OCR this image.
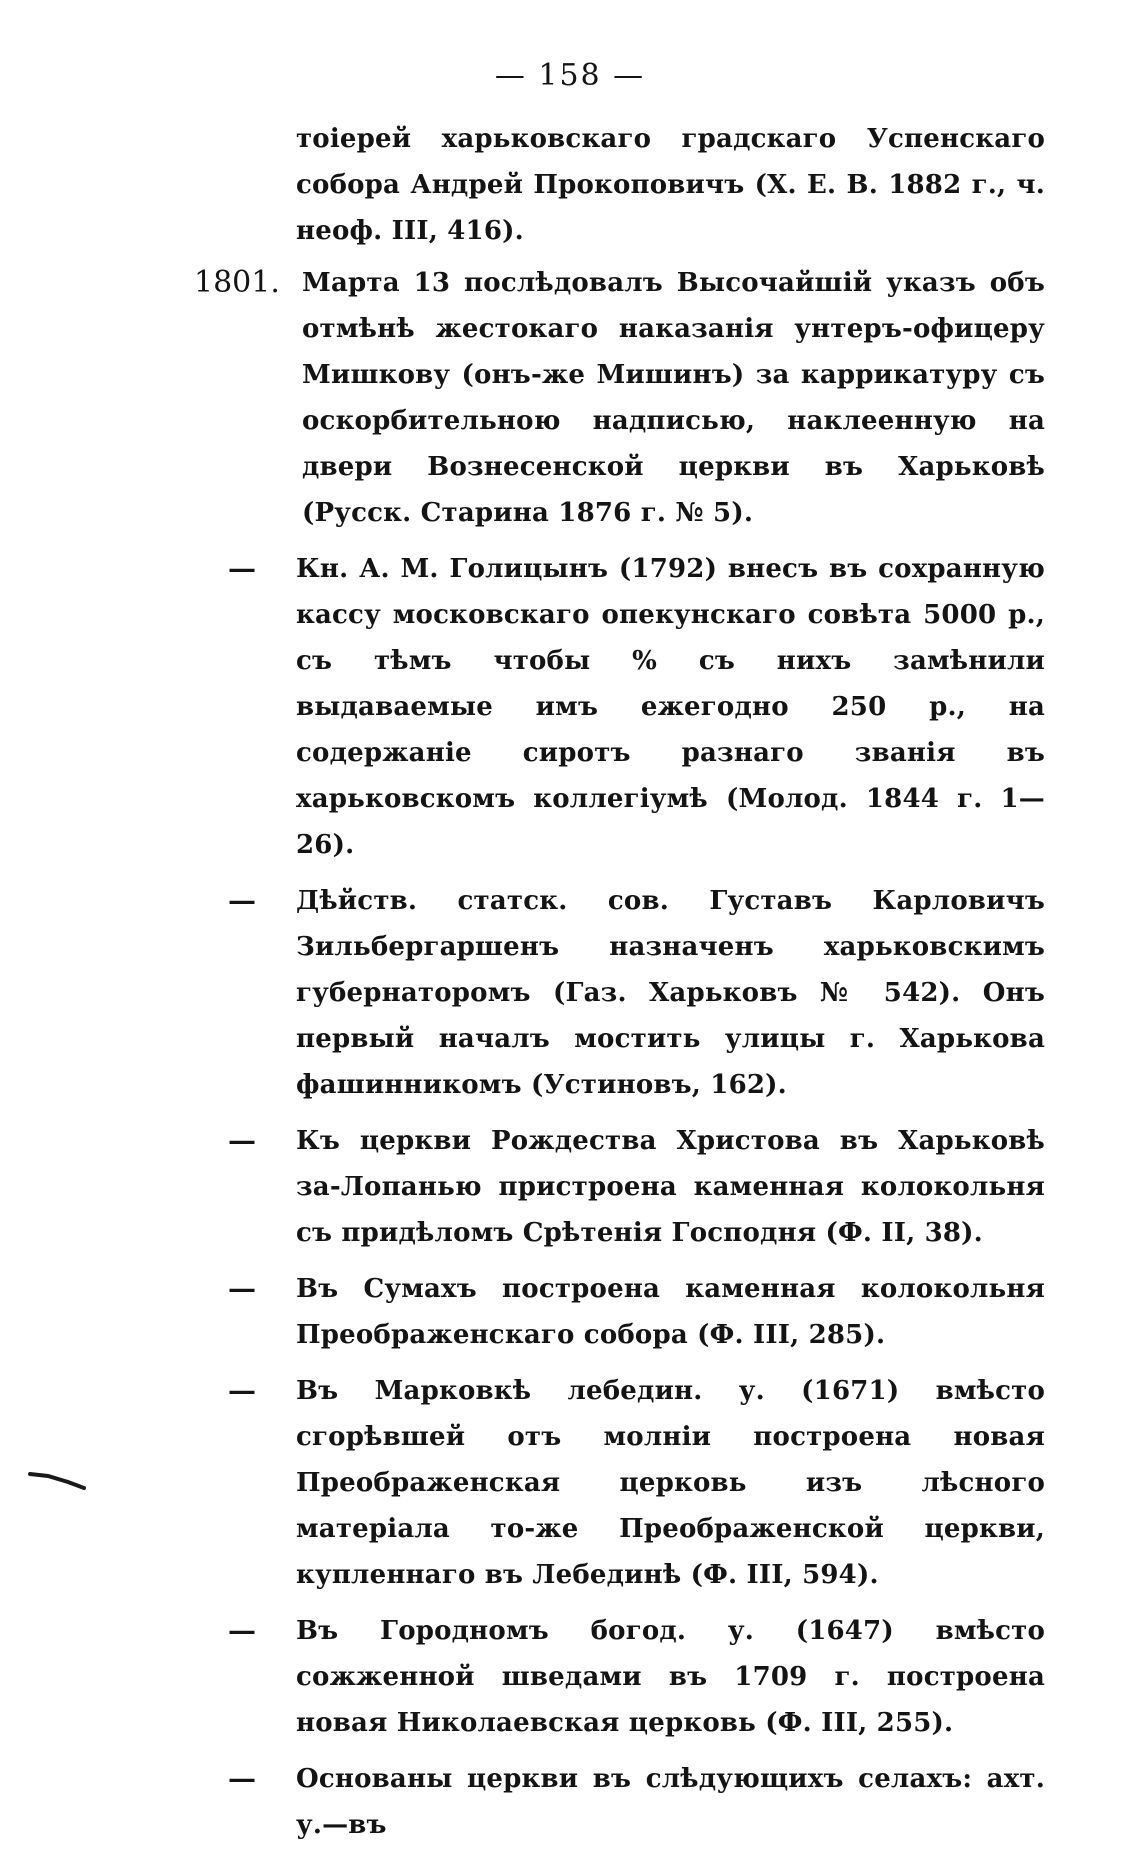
— 158 —
тоіерей харьковскаго градскаго Успенскаго собора Андрей Прокоповичъ (Х. Е. В. 1882 г., ч. неоф. III, 416).
1801. Марта 13 послѣдовалъ Высочайшій указъ объ отмѣнѣ жестокаго наказанія унтеръ-офицеру Мишкову (онъ-же Мишинъ) за каррикатуру съ оскорбительною надписью, наклеенную на двери Вознесенской церкви въ Харьковѣ (Русск. Старина 1876 г. № 5).
—	Кн. А. М. Голицынъ (1792) внесъ въ сохранную кассу московскаго опекунскаго совѣта 5000 р., съ тѣмъ чтобы % съ нихъ замѣнили выдаваемые имъ ежегодно 250 р., на содержаніе сиротъ разнаго званія въ харьковскомъ коллегіумѣ (Молод. 1844 г. 1—26).
—	Дѣйств. статск. сов. Густавъ Карловичъ Зильбергаршенъ назначенъ харьковскимъ губернаторомъ (Газ. Харьковъ № 542). Онъ первый началъ мостить улицы г. Харькова фашинникомъ (Устиновъ, 162).
—	Къ церкви Рождества Христова въ Харьковѣ за-Лопанью пристроена каменная колокольня съ придѣломъ Срѣтенія Господня (Ф. II, 38).
—	Въ Сумахъ построена каменная колокольня Преображенскаго собора (Ф. III, 285).
—	Въ Марковкѣ лебедин. у. (1671) вмѣсто сгорѣвшей отъ молніи построена новая Преображенская церковь изъ лѣсного матеріала то-же Преображенской церкви, купленнаго въ Лебединѣ (Ф. III, 594).
—	Въ Городномъ богод. у. (1647) вмѣсто сожженной шведами въ 1709 г. построена новая Николаевская церковь (Ф. III, 255).
—	Основаны церкви въ слѣдующихъ селахъ: ахт. у.—въ
